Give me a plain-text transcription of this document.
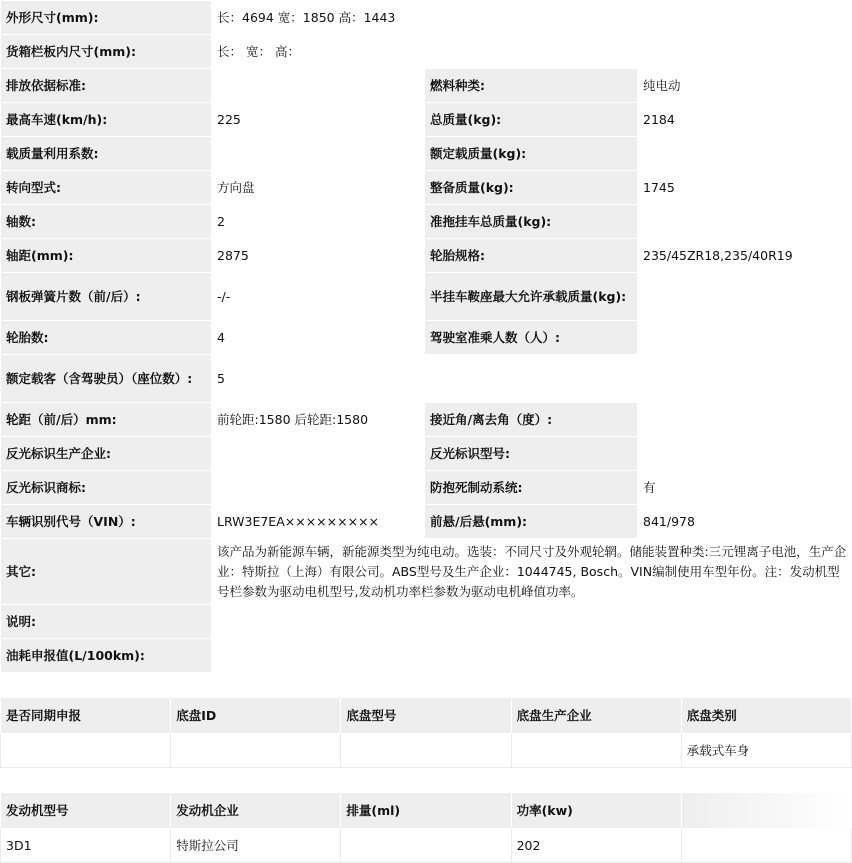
外形尺寸(mm):	长：4694 宽：1850 高：1443		
货箱栏板内尺寸(mm):	长： 宽： 高：		
排放依据标准:		燃料种类:	纯电动
最高车速(km/h):	225	总质量(kg):	2184
载质量利用系数:		额定载质量(kg):	
转向型式:	方向盘	整备质量(kg):	1745
轴数:	2	准拖挂车总质量(kg):	
轴距(mm):	2875	轮胎规格:	235/45ZR18,235/40R19
钢板弹簧片数（前/后）:	-/-	半挂车鞍座最大允许承载质量(kg):	
轮胎数:	4	驾驶室准乘人数（人）:	
额定载客（含驾驶员）（座位数）:	5		
轮距（前/后）mm:	前轮距:1580 后轮距:1580	接近角/离去角（度）:	
反光标识生产企业:		反光标识型号:	
反光标识商标:		防抱死制动系统:	有
车辆识别代号（VIN）:	LRW3E7EA×××××××××	前悬/后悬(mm):	841/978
其它:	该产品为新能源车辆，新能源类型为纯电动。选装：不同尺寸及外观轮辋。储能装置种类:三元锂离子电池，生产企业：特斯拉（上海）有限公司。ABS型号及生产企业：1044745, Bosch。VIN编制使用车型年份。注：发动机型号栏参数为驱动电机型号,发动机功率栏参数为驱动电机峰值功率。		
说明:			
油耗申报值(L/100km):			
是否同期申报	底盘ID	底盘型号	底盘生产企业	底盘类别
				承载式车身
发动机型号	发动机企业	排量(ml)	功率(kw)	
3D1	特斯拉公司		202	
